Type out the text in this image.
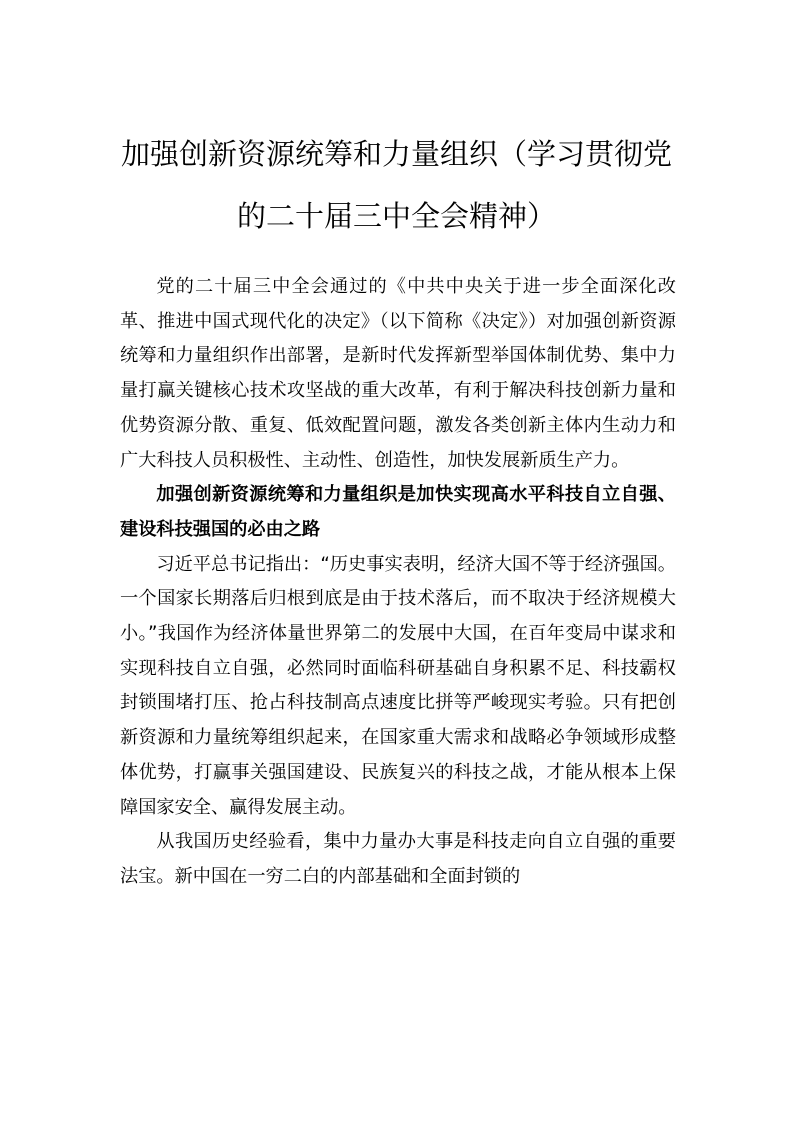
加强创新资源统筹和力量组织（学习贯彻党
的二十届三中全会精神）

党的二十届三中全会通过的《中共中央关于进一步全面深化改革、推进中国式现代化的决定》（以下简称《决定》）对加强创新资源统筹和力量组织作出部署，是新时代发挥新型举国体制优势、集中力量打赢关键核心技术攻坚战的重大改革，有利于解决科技创新力量和优势资源分散、重复、低效配置问题，激发各类创新主体内生动力和广大科技人员积极性、主动性、创造性，加快发展新质生产力。

加强创新资源统筹和力量组织是加快实现高水平科技自立自强、建设科技强国的必由之路

习近平总书记指出：“历史事实表明，经济大国不等于经济强国。一个国家长期落后归根到底是由于技术落后，而不取决于经济规模大小。”我国作为经济体量世界第二的发展中大国，在百年变局中谋求和实现科技自立自强，必然同时面临科研基础自身积累不足、科技霸权封锁围堵打压、抢占科技制高点速度比拼等严峻现实考验。只有把创新资源和力量统筹组织起来，在国家重大需求和战略必争领域形成整体优势，打赢事关强国建设、民族复兴的科技之战，才能从根本上保障国家安全、赢得发展主动。

从我国历史经验看，集中力量办大事是科技走向自立自强的重要法宝。新中国在一穷二白的内部基础和全面封锁的
